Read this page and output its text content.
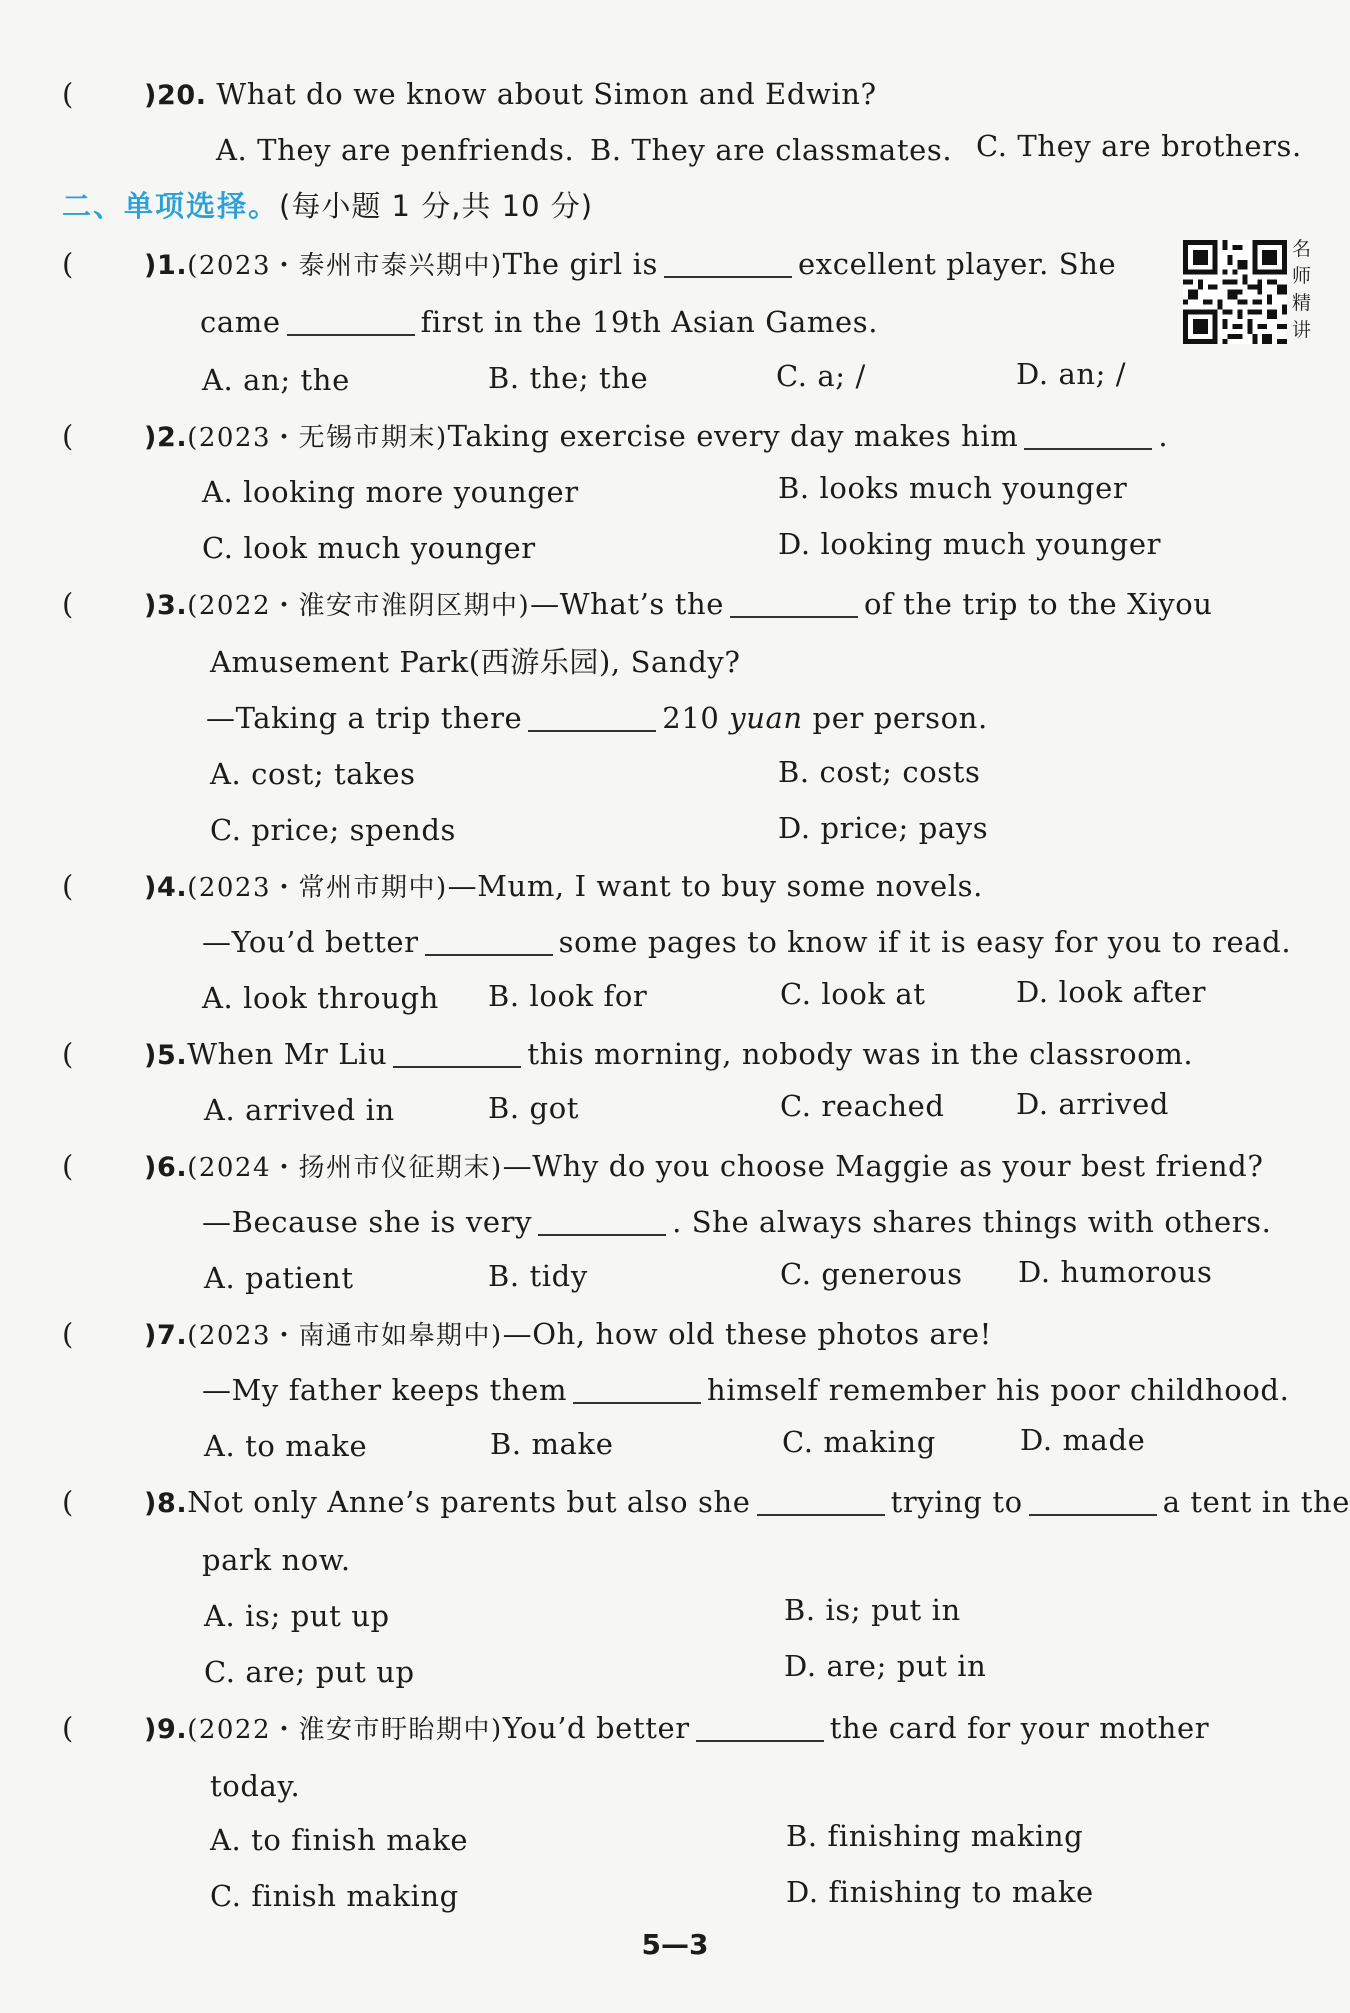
(	)20. What do we know about Simon and Edwin?
A. They are penfriends. B. They are classmates. C. They are brothers.
二、单项选择。(每小题 1 分,共 10 分)
名师精讲
(	)1.(2023・泰州市泰兴期中)The girl is	excellent player. She
came	first in the 19th Asian Games.
A. an; the	B. the; the	C. a; /	D. an; /
(	)2.(2023・无锡市期末)Taking exercise every day makes him	.
A. looking more younger	B. looks much younger
C. look much younger	D. looking much younger
(	)3.(2022・淮安市淮阴区期中)—What’s the	of the trip to the Xiyou
Amusement Park(西游乐园), Sandy?
—Taking a trip there	210 yuan per person.
A. cost; takes	B. cost; costs
C. price; spends	D. price; pays
(	)4.(2023・常州市期中)—Mum, I want to buy some novels.
—You’d better	some pages to know if it is easy for you to read.
A. look through B. look for	C. look at	D. look after
(	)5.When Mr Liu	this morning, nobody was in the classroom.
A. arrived in	B. got	C. reached D. arrived
(	)6.(2024・扬州市仪征期末)—Why do you choose Maggie as your best friend?
—Because she is very	. She always shares things with others.
A. patient	B. tidy	C. generous D. humorous
(	)7.(2023・南通市如皋期中)—Oh, how old these photos are!
—My father keeps them	himself remember his poor childhood.
A. to make	B. make	C. making	D. made
(	)8.Not only Anne’s parents but also she	trying to	a tent in the
park now.
A. is; put up	B. is; put in
C. are; put up	D. are; put in
(	)9.(2022・淮安市盱眙期中)You’d better	the card for your mother
today.
A. to finish make	B. finishing making
C. finish making	D. finishing to make
5—3
